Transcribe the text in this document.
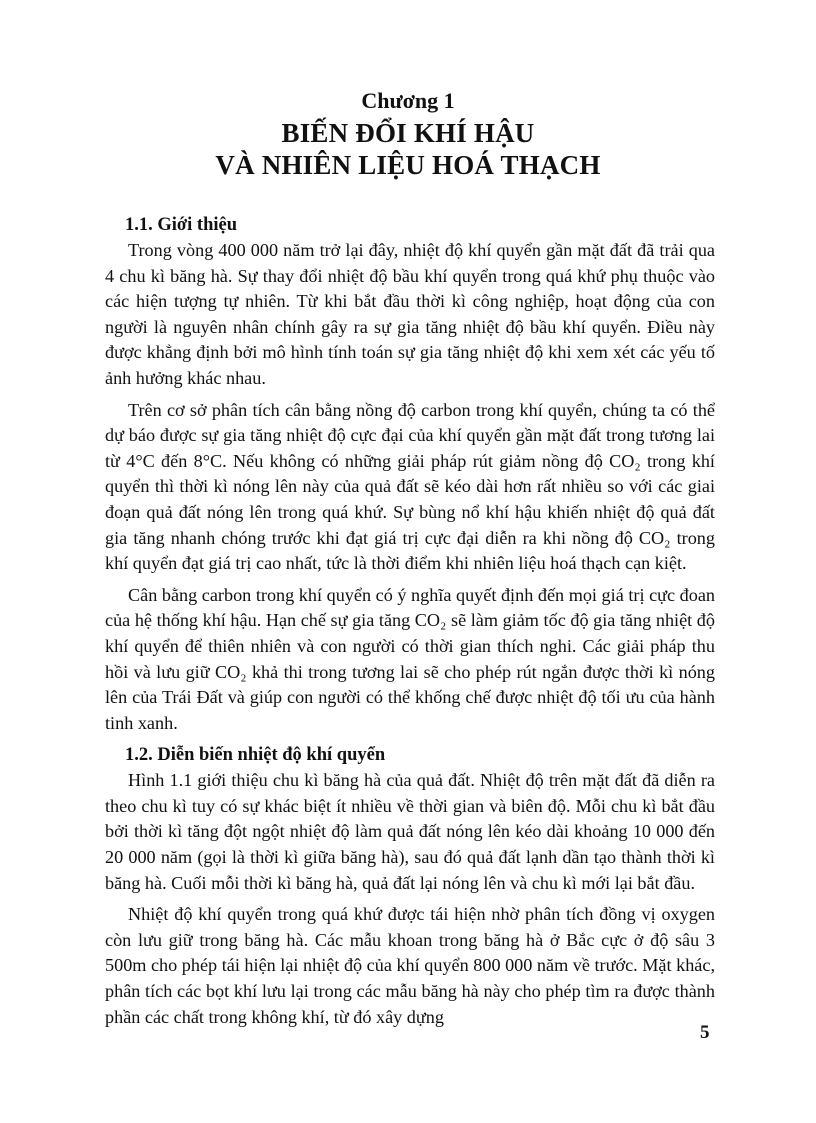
Chương 1
BIẾN ĐỔI KHÍ HẬU
VÀ NHIÊN LIỆU HOÁ THẠCH
1.1. Giới thiệu

Trong vòng 400 000 năm trở lại đây, nhiệt độ khí quyển gần mặt đất đã trải qua 4 chu kì băng hà. Sự thay đổi nhiệt độ bầu khí quyển trong quá khứ phụ thuộc vào các hiện tượng tự nhiên. Từ khi bắt đầu thời kì công nghiệp, hoạt động của con người là nguyên nhân chính gây ra sự gia tăng nhiệt độ bầu khí quyển. Điều này được khẳng định bởi mô hình tính toán sự gia tăng nhiệt độ khi xem xét các yếu tố ảnh hưởng khác nhau.

Trên cơ sở phân tích cân bằng nồng độ carbon trong khí quyển, chúng ta có thể dự báo được sự gia tăng nhiệt độ cực đại của khí quyển gần mặt đất trong tương lai từ 4°C đến 8°C. Nếu không có những giải pháp rút giảm nồng độ CO₂ trong khí quyển thì thời kì nóng lên này của quả đất sẽ kéo dài hơn rất nhiều so với các giai đoạn quả đất nóng lên trong quá khứ. Sự bùng nổ khí hậu khiến nhiệt độ quả đất gia tăng nhanh chóng trước khi đạt giá trị cực đại diễn ra khi nồng độ CO₂ trong khí quyển đạt giá trị cao nhất, tức là thời điểm khi nhiên liệu hoá thạch cạn kiệt.

Cân bằng carbon trong khí quyển có ý nghĩa quyết định đến mọi giá trị cực đoan của hệ thống khí hậu. Hạn chế sự gia tăng CO₂ sẽ làm giảm tốc độ gia tăng nhiệt độ khí quyển để thiên nhiên và con người có thời gian thích nghi. Các giải pháp thu hồi và lưu giữ CO₂ khả thi trong tương lai sẽ cho phép rút ngắn được thời kì nóng lên của Trái Đất và giúp con người có thể khống chế được nhiệt độ tối ưu của hành tinh xanh.

1.2. Diễn biến nhiệt độ khí quyển

Hình 1.1 giới thiệu chu kì băng hà của quả đất. Nhiệt độ trên mặt đất đã diễn ra theo chu kì tuy có sự khác biệt ít nhiều về thời gian và biên độ. Mỗi chu kì bắt đầu bởi thời kì tăng đột ngột nhiệt độ làm quả đất nóng lên kéo dài khoảng 10 000 đến 20 000 năm (gọi là thời kì giữa băng hà), sau đó quả đất lạnh dần tạo thành thời kì băng hà. Cuối mỗi thời kì băng hà, quả đất lại nóng lên và chu kì mới lại bắt đầu.

Nhiệt độ khí quyển trong quá khứ được tái hiện nhờ phân tích đồng vị oxygen còn lưu giữ trong băng hà. Các mẫu khoan trong băng hà ở Bắc cực ở độ sâu 3 500m cho phép tái hiện lại nhiệt độ của khí quyển 800 000 năm về trước. Mặt khác, phân tích các bọt khí lưu lại trong các mẫu băng hà này cho phép tìm ra được thành phần các chất trong không khí, từ đó xây dựng

5
